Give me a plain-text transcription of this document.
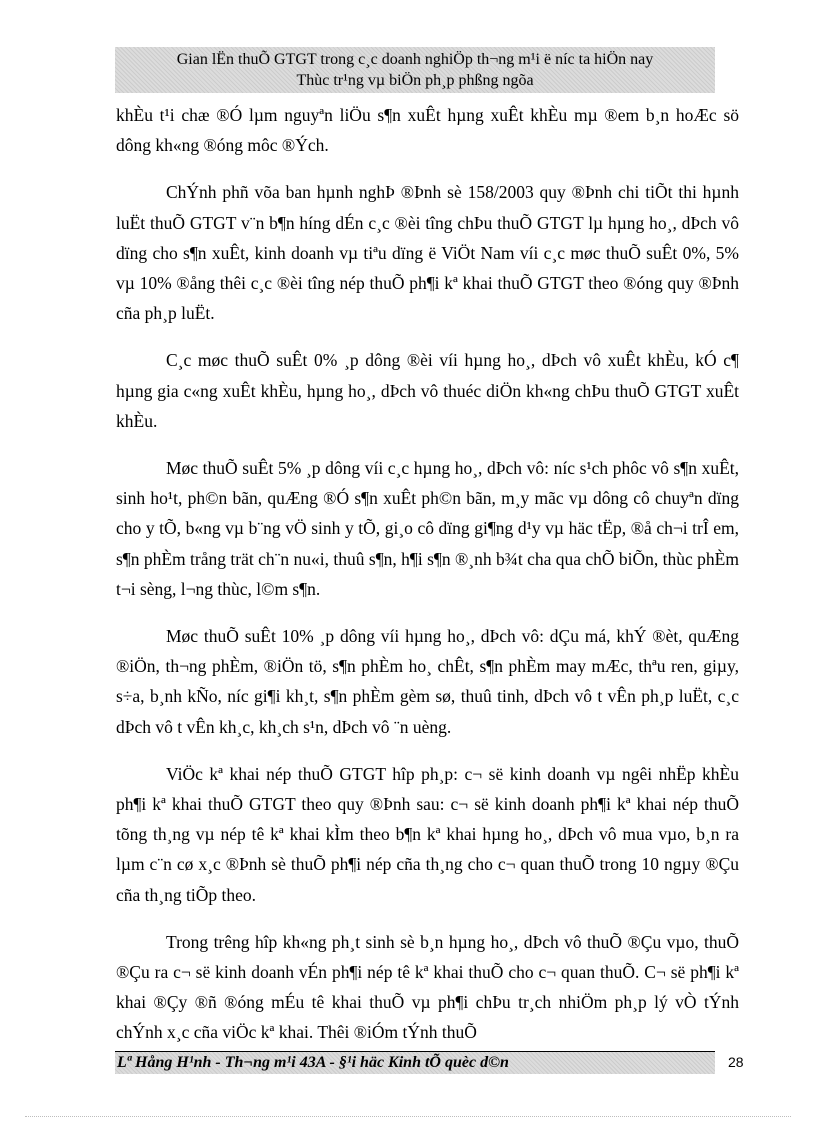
Gian lËn thuÕ GTGT trong c¸c doanh nghiÖp th¬ng m¹i ë níc ta hiÖn nay
Thùc tr¹ng vµ biÖn ph¸p phßng ngõa

khÈu t¹i chæ ®Ó lµm nguyªn liÖu s¶n xuÊt hµng xuÊt khÈu mµ ®em b¸n hoÆc sö dông kh«ng ®óng môc ®Ých.

ChÝnh phñ võa ban hµnh nghÞ ®Þnh sè 158/2003 quy ®Þnh chi tiÕt thi hµnh luËt thuÕ GTGT v¨n b¶n híng dÉn c¸c ®èi tîng chÞu thuÕ GTGT lµ hµng ho¸, dÞch vô dïng cho s¶n xuÊt, kinh doanh vµ tiªu dïng ë ViÖt Nam víi c¸c møc thuÕ suÊt 0%, 5% vµ 10% ®ång thêi c¸c ®èi tîng nép thuÕ ph¶i kª khai thuÕ GTGT theo ®óng quy ®Þnh cña ph¸p luËt.

C¸c møc thuÕ suÊt 0% ¸p dông ®èi víi hµng ho¸, dÞch vô xuÊt khÈu, kÓ c¶ hµng gia c«ng xuÊt khÈu, hµng ho¸, dÞch vô thuéc diÖn kh«ng chÞu thuÕ GTGT xuÊt khÈu.

Møc thuÕ suÊt 5% ¸p dông víi c¸c hµng ho¸, dÞch vô: níc s¹ch phôc vô s¶n xuÊt, sinh ho¹t, ph©n bãn, quÆng ®Ó s¶n xuÊt ph©n bãn, m¸y mãc vµ dông cô chuyªn dïng cho y tÕ, b«ng vµ b¨ng vÖ sinh y tÕ, gi¸o cô dïng gi¶ng d¹y vµ häc tËp, ®å ch¬i trÎ em, s¶n phÈm trång trät ch¨n nu«i, thuû s¶n, h¶i s¶n ®¸nh b¾t cha qua chÕ biÕn, thùc phÈm t¬i sèng, l¬ng thùc, l©m s¶n.

Møc thuÕ suÊt 10% ¸p dông víi hµng ho¸, dÞch vô: dÇu má, khÝ ®èt, quÆng ®iÖn, th¬ng phÈm, ®iÖn tö, s¶n phÈm ho¸ chÊt, s¶n phÈm may mÆc, thªu ren, giµy, s÷a, b¸nh kÑo, níc gi¶i kh¸t, s¶n phÈm gèm sø, thuû tinh, dÞch vô t vÊn ph¸p luËt, c¸c dÞch vô t vÊn kh¸c, kh¸ch s¹n, dÞch vô ¨n uèng.

ViÖc kª khai nép thuÕ GTGT hîp ph¸p: c¬ së kinh doanh vµ ngêi nhËp khÈu ph¶i kª khai thuÕ GTGT theo quy ®Þnh sau: c¬ së kinh doanh ph¶i kª khai nép thuÕ tõng th¸ng vµ nép tê kª khai kÌm theo b¶n kª khai hµng ho¸, dÞch vô mua vµo, b¸n ra lµm c¨n cø x¸c ®Þnh sè thuÕ ph¶i nép cña th¸ng cho c¬ quan thuÕ trong 10 ngµy ®Çu cña th¸ng tiÕp theo.

Trong trêng hîp kh«ng ph¸t sinh sè b¸n hµng ho¸, dÞch vô thuÕ ®Çu vµo, thuÕ ®Çu ra c¬ së kinh doanh vÉn ph¶i nép tê kª khai thuÕ cho c¬ quan thuÕ. C¬ së ph¶i kª khai ®Çy ®ñ ®óng mÉu tê khai thuÕ vµ ph¶i chÞu tr¸ch nhiÖm ph¸p lý vÒ tÝnh chÝnh x¸c cña viÖc kª khai. Thêi ®iÓm tÝnh thuÕ

Lª Hång H¹nh - Th¬ng m¹i 43A - §¹i häc Kinh tÕ quèc d©n	28
